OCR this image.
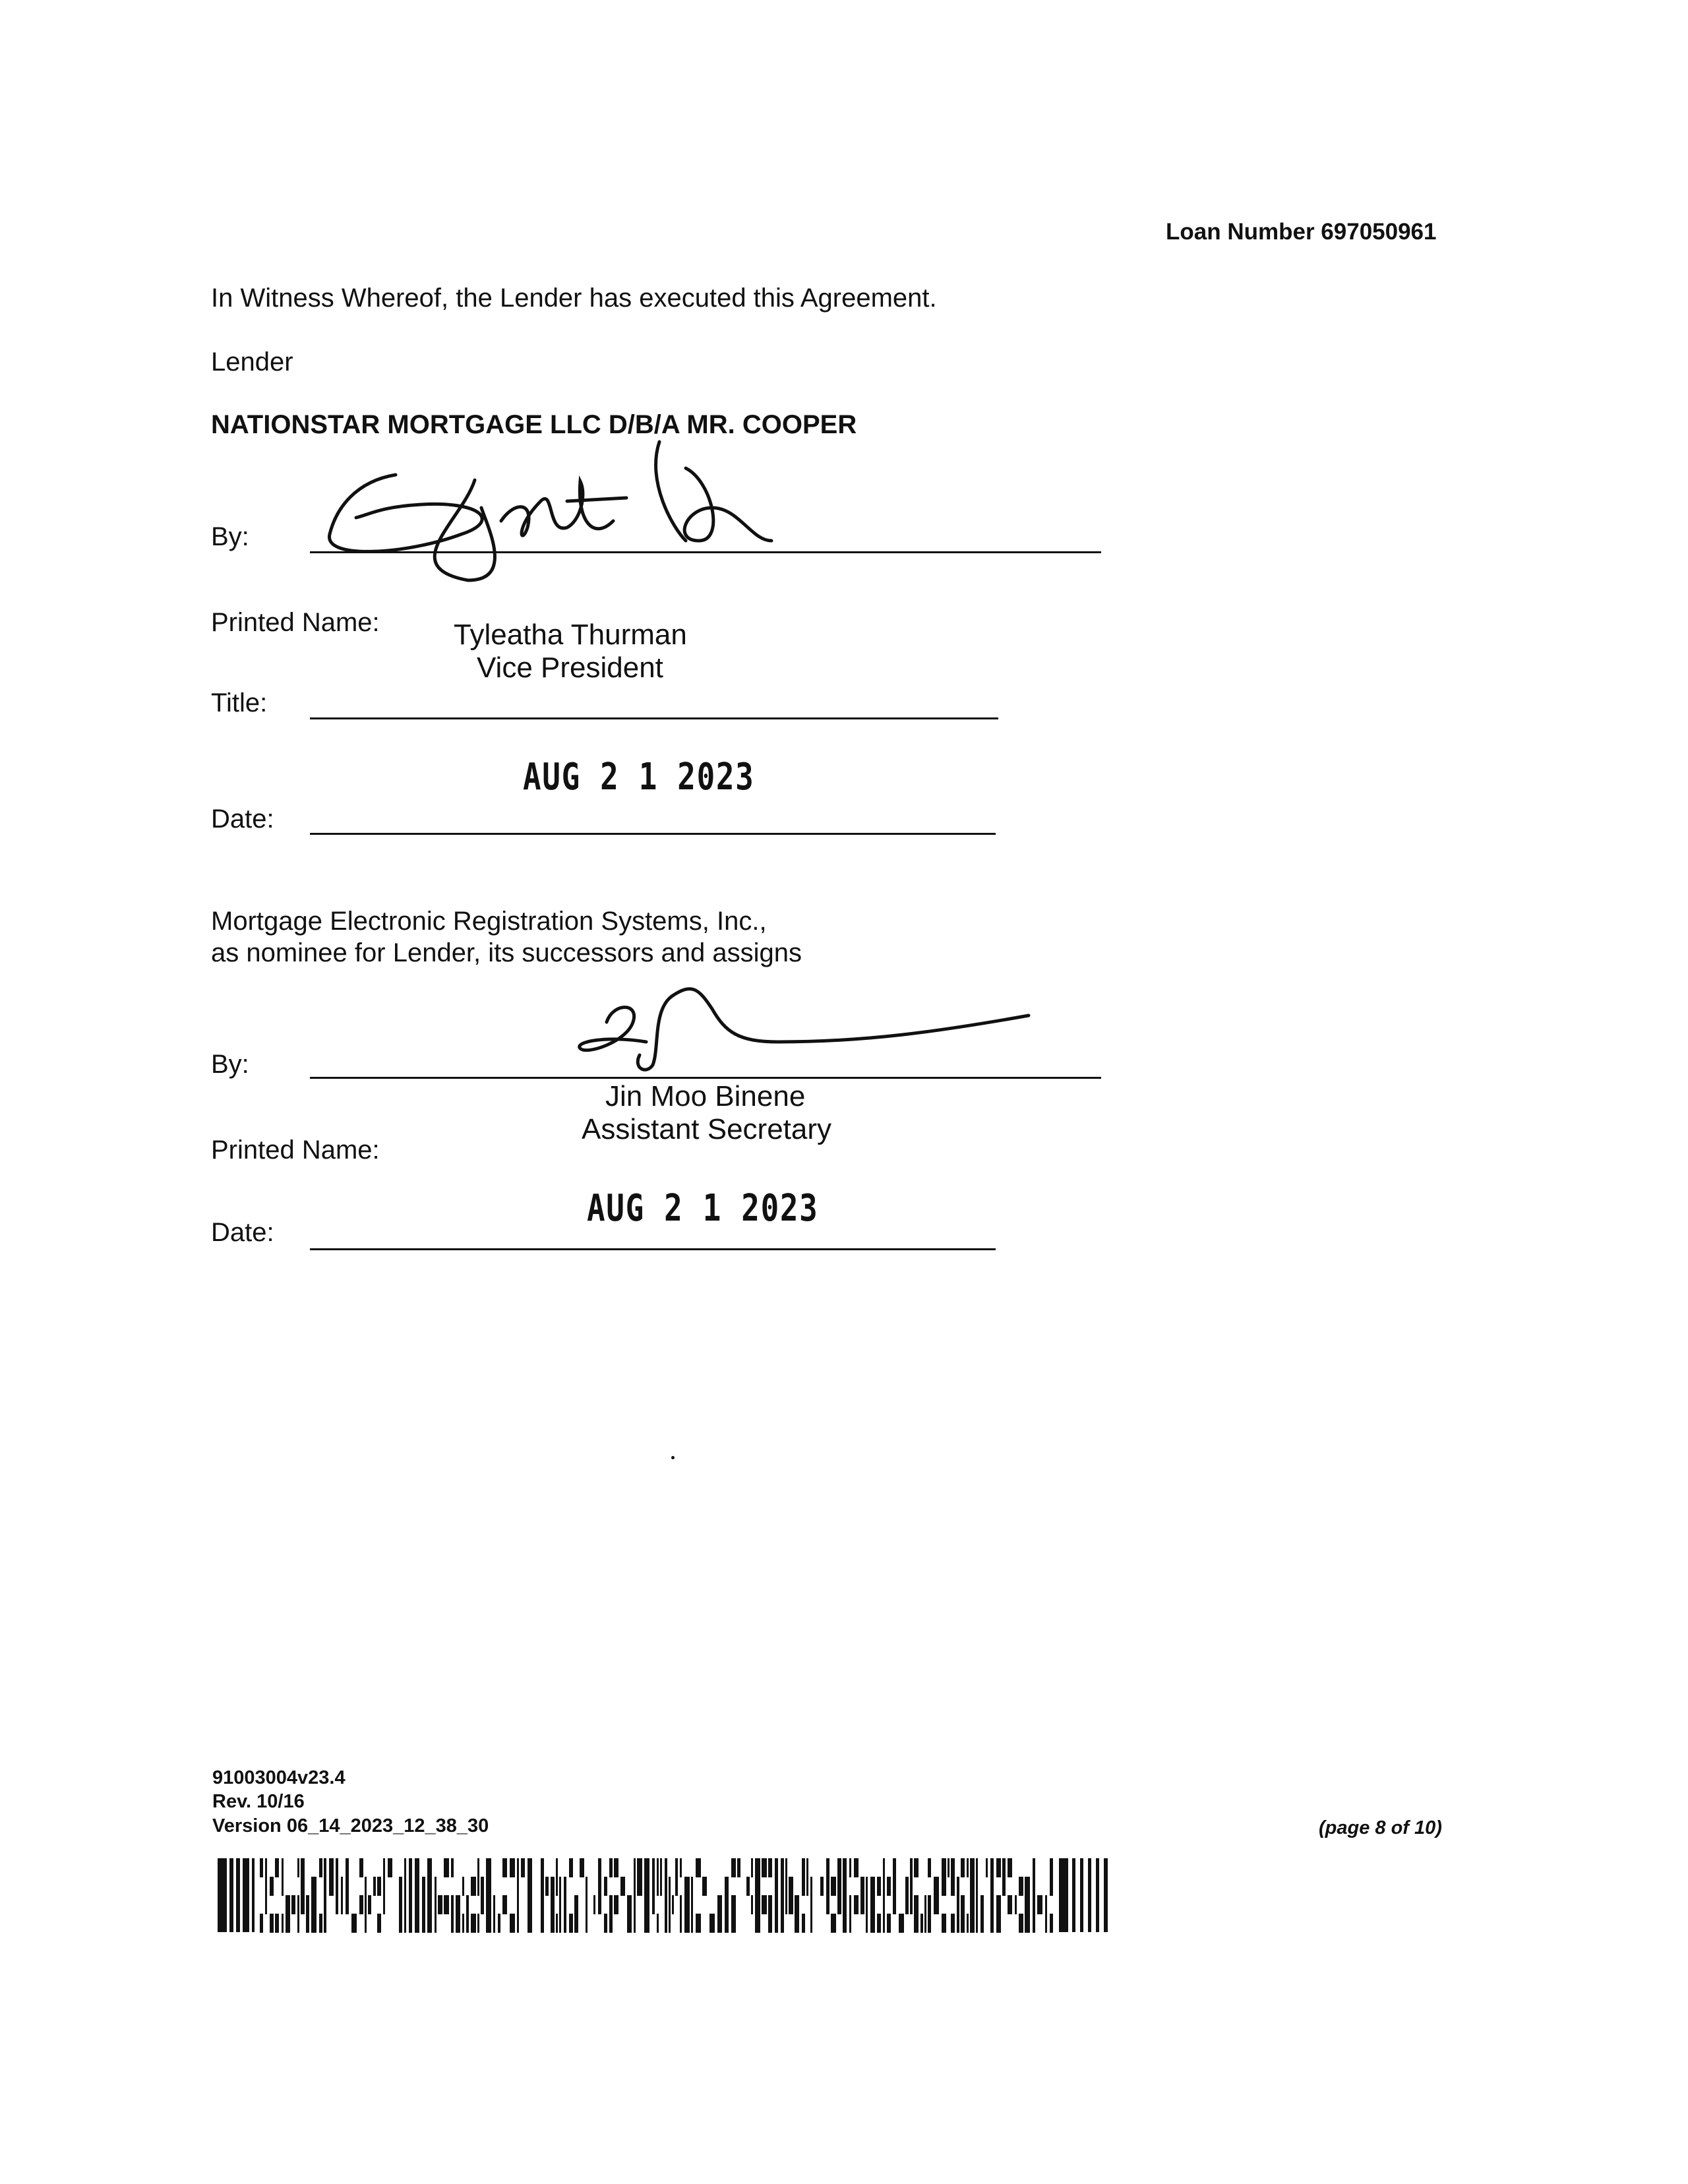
Loan Number 697050961
In Witness Whereof, the Lender has executed this Agreement.
Lender
NATIONSTAR MORTGAGE LLC D/B/A MR. COOPER
By:
Printed Name:	Tyleatha Thurman
Vice President
Title:
AUG 2 1 2023
Date:
Mortgage Electronic Registration Systems, Inc.,
as nominee for Lender, its successors and assigns
By:
Jin Moo Binene
Assistant Secretary
Printed Name:
AUG 2 1 2023
Date:
91003004v23.4
Rev. 10/16
Version 06_14_2023_12_38_30	(page 8 of 10)
